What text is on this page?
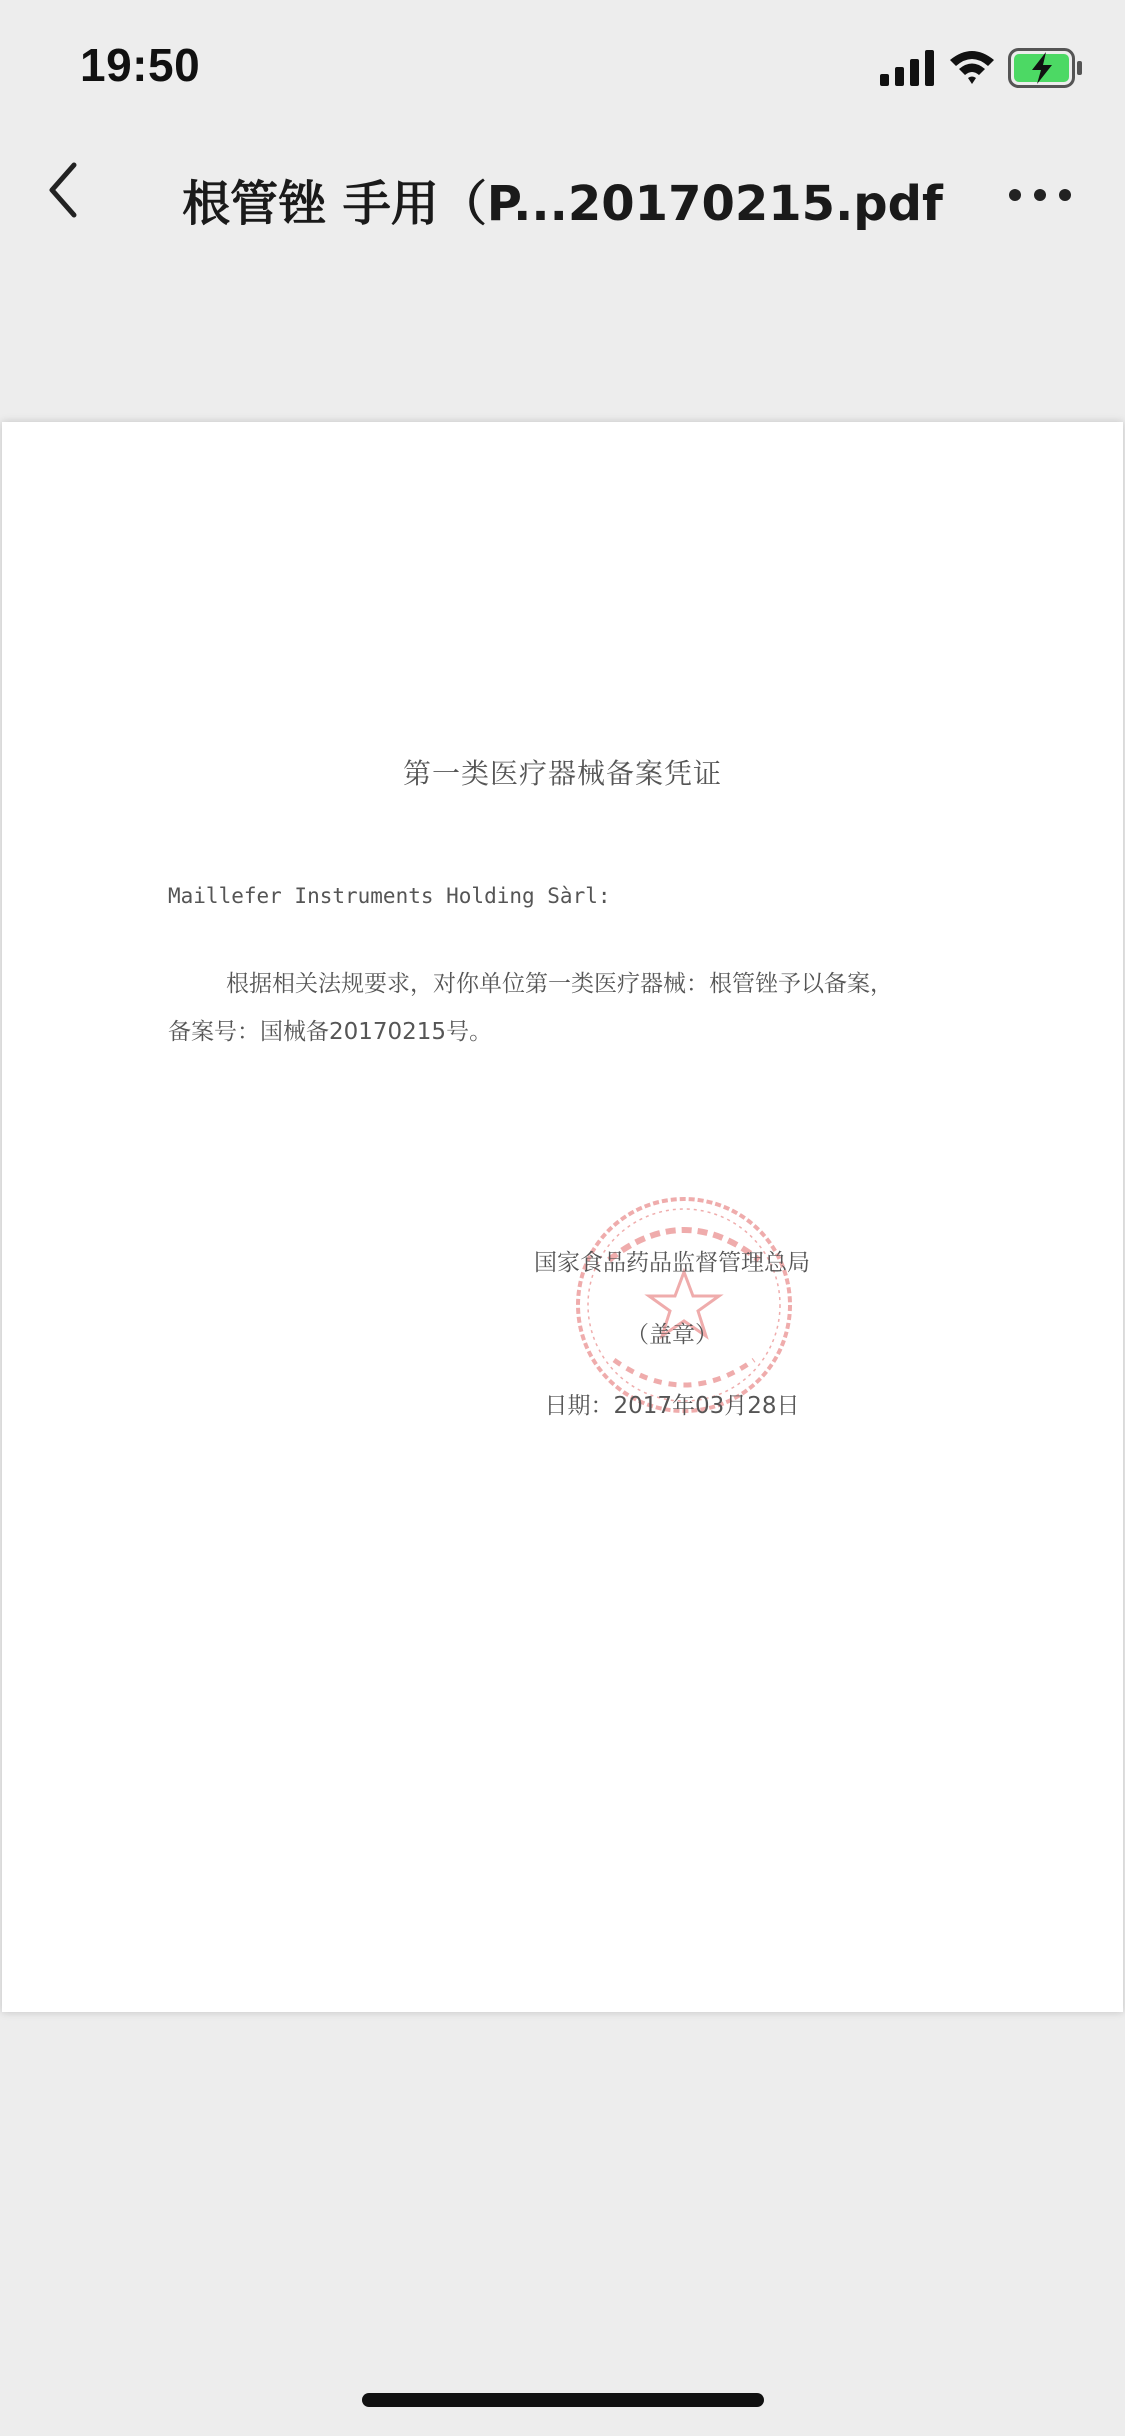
19:50
根管锉 手用（P...20170215.pdf
第一类医疗器械备案凭证
Maillefer Instruments Holding Sàrl:
根据相关法规要求，对你单位第一类医疗器械：根管锉予以备案，
备案号：国械备20170215号。
国家食品药品监督管理总局
（盖章）
日期：2017年03月28日
